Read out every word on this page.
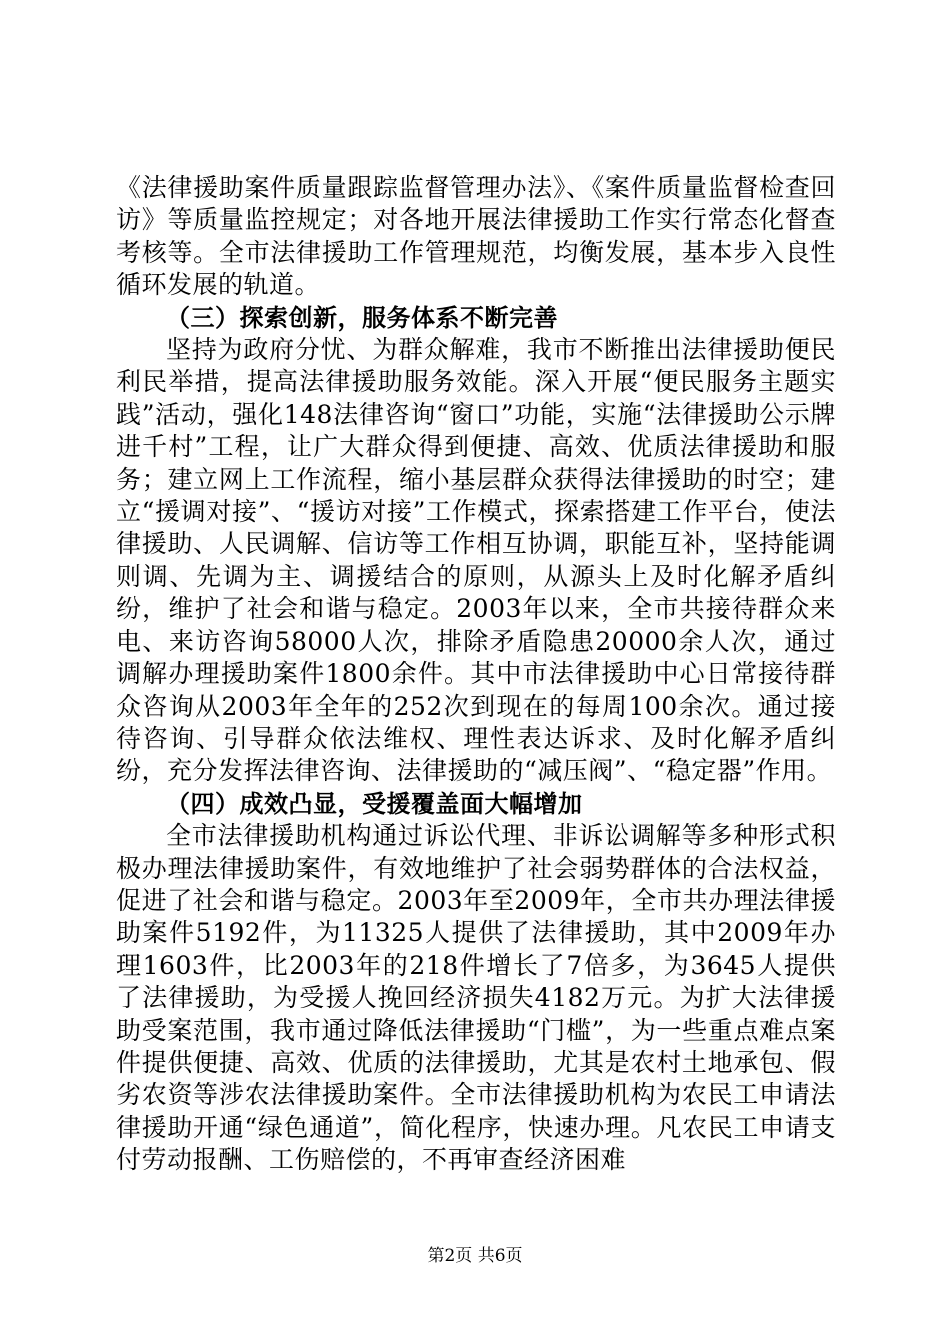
《法律援助案件质量跟踪监督管理办法》、《案件质量监督检查回访》等质量监控规定；对各地开展法律援助工作实行常态化督查考核等。全市法律援助工作管理规范，均衡发展，基本步入良性循环发展的轨道。

（三）探索创新，服务体系不断完善

坚持为政府分忧、为群众解难，我市不断推出法律援助便民利民举措，提高法律援助服务效能。深入开展“便民服务主题实践”活动，强化148法律咨询“窗口”功能，实施“法律援助公示牌进千村”工程，让广大群众得到便捷、高效、优质法律援助和服务；建立网上工作流程，缩小基层群众获得法律援助的时空；建立“援调对接”、“援访对接”工作模式，探索搭建工作平台，使法律援助、人民调解、信访等工作相互协调，职能互补，坚持能调则调、先调为主、调援结合的原则，从源头上及时化解矛盾纠纷，维护了社会和谐与稳定。2003年以来，全市共接待群众来电、来访咨询58000人次，排除矛盾隐患20000余人次，通过调解办理援助案件1800余件。其中市法律援助中心日常接待群众咨询从2003年全年的252次到现在的每周100余次。通过接待咨询、引导群众依法维权、理性表达诉求、及时化解矛盾纠纷，充分发挥法律咨询、法律援助的“减压阀”、“稳定器”作用。

（四）成效凸显，受援覆盖面大幅增加

全市法律援助机构通过诉讼代理、非诉讼调解等多种形式积极办理法律援助案件，有效地维护了社会弱势群体的合法权益，促进了社会和谐与稳定。2003年至2009年，全市共办理法律援助案件5192件，为11325人提供了法律援助，其中2009年办理1603件，比2003年的218件增长了7倍多，为3645人提供了法律援助，为受援人挽回经济损失4182万元。为扩大法律援助受案范围，我市通过降低法律援助“门槛”，为一些重点难点案件提供便捷、高效、优质的法律援助，尤其是农村土地承包、假劣农资等涉农法律援助案件。全市法律援助机构为农民工申请法律援助开通“绿色通道”，简化程序，快速办理。凡农民工申请支付劳动报酬、工伤赔偿的，不再审查经济困难

第2页 共6页
